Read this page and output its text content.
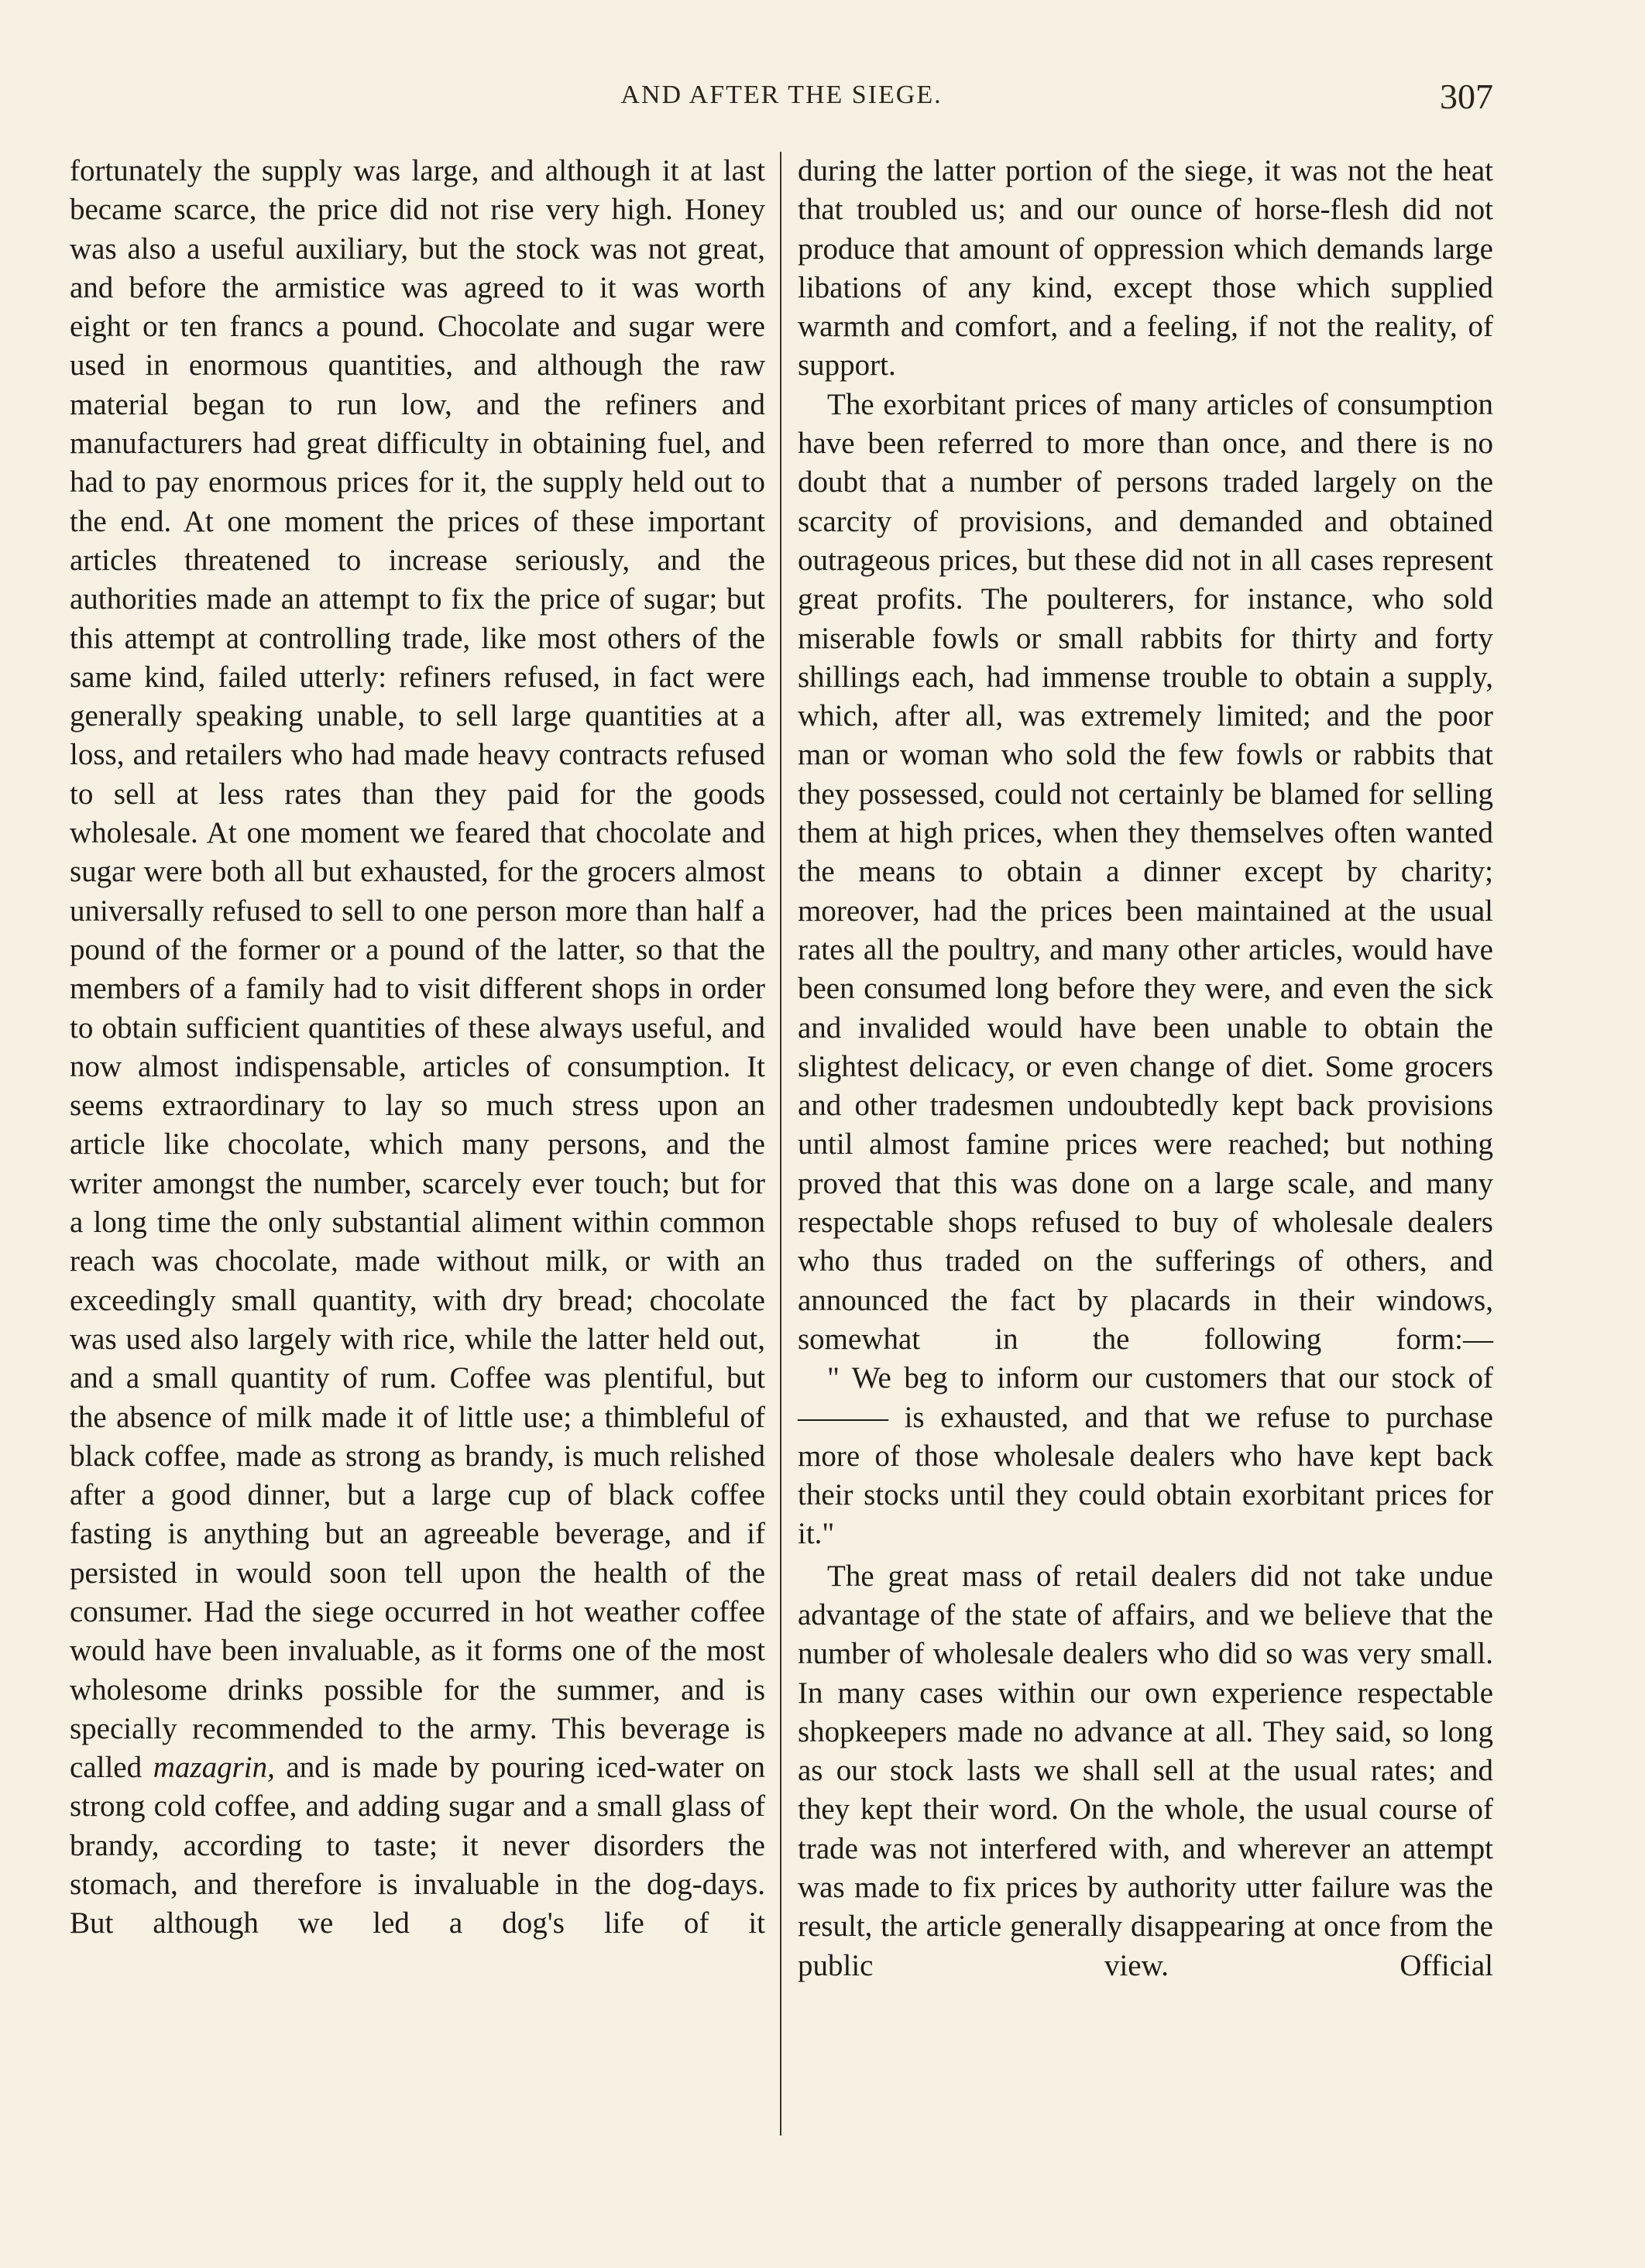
AND AFTER THE SIEGE.	307

fortunately the supply was large, and although it at last became scarce, the price did not rise very high. Honey was also a useful auxiliary, but the stock was not great, and before the armistice was agreed to it was worth eight or ten francs a pound. Chocolate and sugar were used in enormous quantities, and although the raw material began to run low, and the refiners and manufacturers had great difficulty in obtaining fuel, and had to pay enormous prices for it, the supply held out to the end. At one moment the prices of these important articles threatened to increase seriously, and the authorities made an attempt to fix the price of sugar; but this attempt at controlling trade, like most others of the same kind, failed utterly: refiners refused, in fact were generally speaking unable, to sell large quantities at a loss, and retailers who had made heavy contracts refused to sell at less rates than they paid for the goods wholesale. At one moment we feared that chocolate and sugar were both all but exhausted, for the grocers almost universally refused to sell to one person more than half a pound of the former or a pound of the latter, so that the members of a family had to visit different shops in order to obtain sufficient quantities of these always useful, and now almost indispensable, articles of consumption. It seems extraordinary to lay so much stress upon an article like chocolate, which many persons, and the writer amongst the number, scarcely ever touch; but for a long time the only substantial aliment within common reach was chocolate, made without milk, or with an exceedingly small quantity, with dry bread; chocolate was used also largely with rice, while the latter held out, and a small quantity of rum. Coffee was plentiful, but the absence of milk made it of little use; a thimbleful of black coffee, made as strong as brandy, is much relished after a good dinner, but a large cup of black coffee fasting is anything but an agreeable beverage, and if persisted in would soon tell upon the health of the consumer. Had the siege occurred in hot weather coffee would have been invaluable, as it forms one of the most wholesome drinks possible for the summer, and is specially recommended to the army. This beverage is called mazagrin, and is made by pouring iced-water on strong cold coffee, and adding sugar and a small glass of brandy, according to taste; it never disorders the stomach, and therefore is invaluable in the dog-days. But although we led a dog's life of it

during the latter portion of the siege, it was not the heat that troubled us; and our ounce of horse-flesh did not produce that amount of oppression which demands large libations of any kind, except those which supplied warmth and comfort, and a feeling, if not the reality, of support.
The exorbitant prices of many articles of consumption have been referred to more than once, and there is no doubt that a number of persons traded largely on the scarcity of provisions, and demanded and obtained outrageous prices, but these did not in all cases represent great profits. The poulterers, for instance, who sold miserable fowls or small rabbits for thirty and forty shillings each, had immense trouble to obtain a supply, which, after all, was extremely limited; and the poor man or woman who sold the few fowls or rabbits that they possessed, could not certainly be blamed for selling them at high prices, when they themselves often wanted the means to obtain a dinner except by charity; moreover, had the prices been maintained at the usual rates all the poultry, and many other articles, would have been consumed long before they were, and even the sick and invalided would have been unable to obtain the slightest delicacy, or even change of diet. Some grocers and other tradesmen undoubtedly kept back provisions until almost famine prices were reached; but nothing proved that this was done on a large scale, and many respectable shops refused to buy of wholesale dealers who thus traded on the sufferings of others, and announced the fact by placards in their windows, somewhat in the following form:—
" We beg to inform our customers that our stock of ——— is exhausted, and that we refuse to purchase more of those wholesale dealers who have kept back their stocks until they could obtain exorbitant prices for it."
The great mass of retail dealers did not take undue advantage of the state of affairs, and we believe that the number of wholesale dealers who did so was very small. In many cases within our own experience respectable shopkeepers made no advance at all. They said, so long as our stock lasts we shall sell at the usual rates; and they kept their word. On the whole, the usual course of trade was not interfered with, and wherever an attempt was made to fix prices by authority utter failure was the result, the article generally disappearing at once from the public view. Official
